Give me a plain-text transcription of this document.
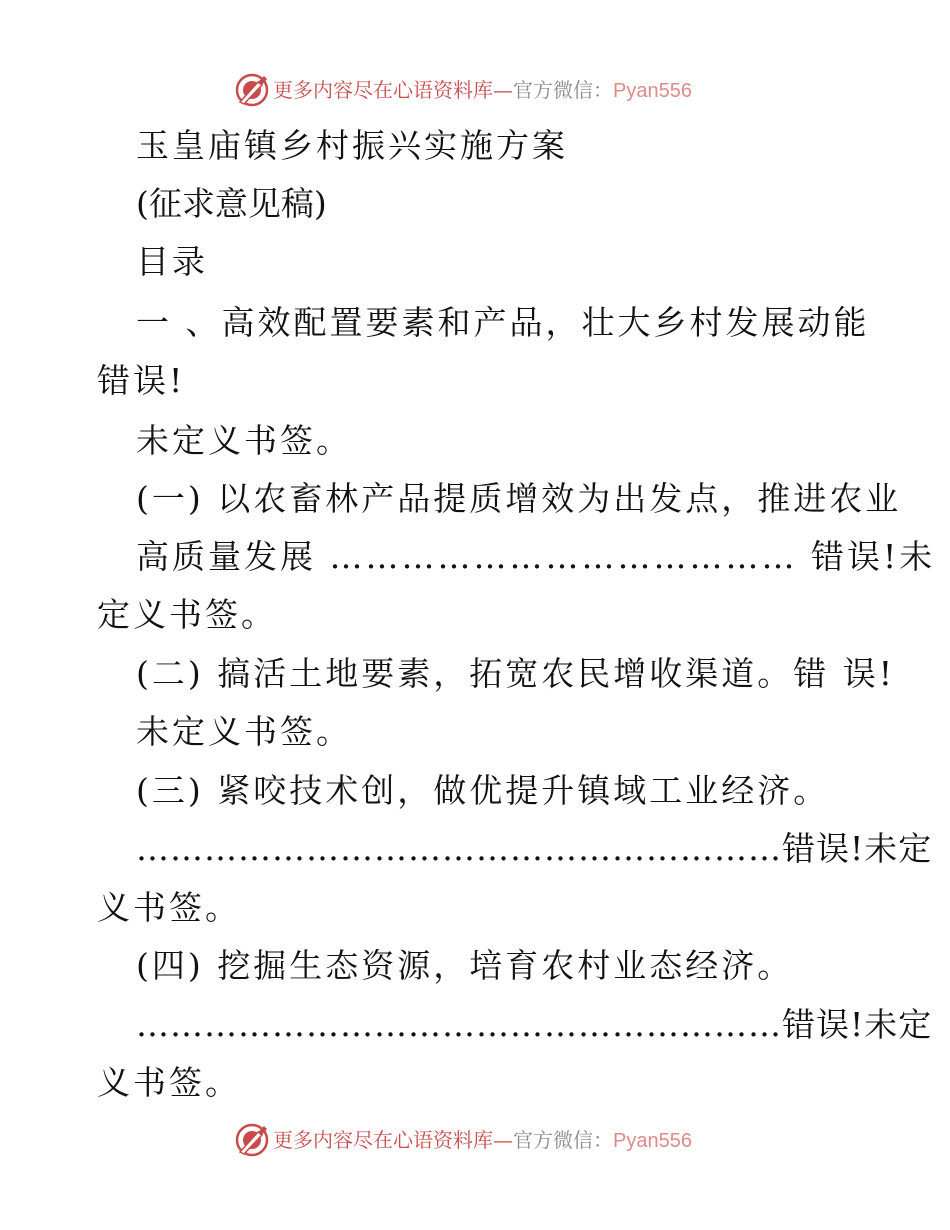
更多内容尽在心语资料库—官方微信：Pyan556
玉皇庙镇乡村振兴实施方案
(征求意见稿)
目录
一 、高效配置要素和产品，壮大乡村发展动能
错误!
未定义书签。
(一) 以农畜林产品提质增效为出发点，推进农业
高质量发展 ………………………………… 错误!未
定义书签。
(二) 搞活土地要素，拓宽农民增收渠道。错 误!
未定义书签。
(三) 紧咬技术创，做优提升镇域工业经济。
…………………………………………………错误!未定
义书签。
(四) 挖掘生态资源，培育农村业态经济。
…………………………………………………错误!未定
义书签。
更多内容尽在心语资料库—官方微信：Pyan556
